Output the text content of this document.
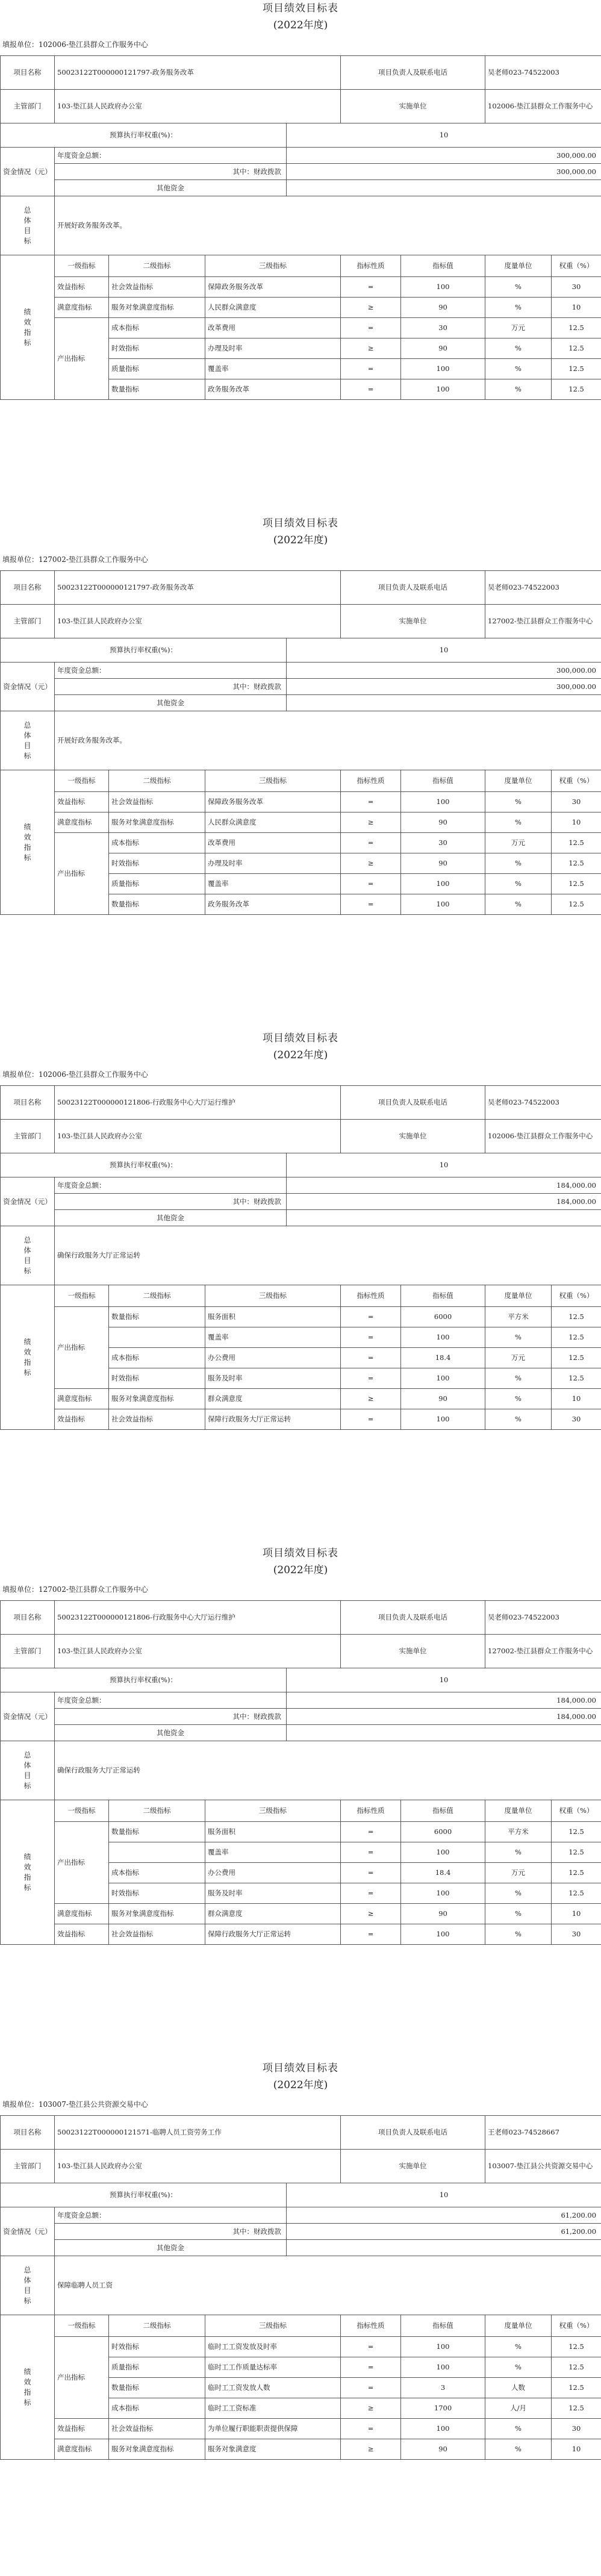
项目绩效目标表
(2022年度)
填报单位：102006-垫江县群众工作服务中心
项目名称	50023122T000000121797-政务服务改革				项目负责人及联系电话		吴老师023-74522003	
主管部门	103-垫江县人民政府办公室				实施单位		102006-垫江县群众工作服务中心	
预算执行率权重(%)：				10				
资金情况（元）	年度资金总额：			300,000.00				
	其中：财政拨款			300,000.00				
	其他资金							
总
体
目
标	开展好政务服务改革。							
绩
效
指
标	一级指标	二级指标	三级指标		指标性质	指标值	度量单位	权重（%）
	效益指标	社会效益指标	保障政务服务改革		=	100	%	30
	满意度指标	服务对象满意度指标	人民群众满意度		≥	90	%	10
	产出指标	成本指标	改革费用		=	30	万元	12.5
		时效指标	办理及时率		≥	90	%	12.5
		质量指标	覆盖率		=	100	%	12.5
		数量指标	政务服务改革		=	100	%	12.5
项目绩效目标表
(2022年度)
填报单位：127002-垫江县群众工作服务中心
项目名称	50023122T000000121797-政务服务改革				项目负责人及联系电话		吴老师023-74522003	
主管部门	103-垫江县人民政府办公室				实施单位		127002-垫江县群众工作服务中心	
预算执行率权重(%)：				10				
资金情况（元）	年度资金总额：			300,000.00				
	其中：财政拨款			300,000.00				
	其他资金							
总
体
目
标	开展好政务服务改革。							
绩
效
指
标	一级指标	二级指标	三级指标		指标性质	指标值	度量单位	权重（%）
	效益指标	社会效益指标	保障政务服务改革		=	100	%	30
	满意度指标	服务对象满意度指标	人民群众满意度		≥	90	%	10
	产出指标	成本指标	改革费用		=	30	万元	12.5
		时效指标	办理及时率		≥	90	%	12.5
		质量指标	覆盖率		=	100	%	12.5
		数量指标	政务服务改革		=	100	%	12.5
项目绩效目标表
(2022年度)
填报单位：102006-垫江县群众工作服务中心
项目名称	50023122T000000121806-行政服务中心大厅运行维护				项目负责人及联系电话		吴老师023-74522003	
主管部门	103-垫江县人民政府办公室				实施单位		102006-垫江县群众工作服务中心	
预算执行率权重(%)：				10				
资金情况（元）	年度资金总额：			184,000.00				
	其中：财政拨款			184,000.00				
	其他资金							
总
体
目
标	确保行政服务大厅正常运转							
绩
效
指
标	一级指标	二级指标	三级指标		指标性质	指标值	度量单位	权重（%）
	产出指标	数量指标	服务面积		=	6000	平方米	12.5
			覆盖率		=	100	%	12.5
		成本指标	办公费用		=	18.4	万元	12.5
		时效指标	服务及时率		=	100	%	12.5
	满意度指标	服务对象满意度指标	群众满意度		≥	90	%	10
	效益指标	社会效益指标	保障行政服务大厅正常运转		=	100	%	30
项目绩效目标表
(2022年度)
填报单位：127002-垫江县群众工作服务中心
项目名称	50023122T000000121806-行政服务中心大厅运行维护				项目负责人及联系电话		吴老师023-74522003	
主管部门	103-垫江县人民政府办公室				实施单位		127002-垫江县群众工作服务中心	
预算执行率权重(%)：				10				
资金情况（元）	年度资金总额：			184,000.00				
	其中：财政拨款			184,000.00				
	其他资金							
总
体
目
标	确保行政服务大厅正常运转							
绩
效
指
标	一级指标	二级指标	三级指标		指标性质	指标值	度量单位	权重（%）
	产出指标	数量指标	服务面积		=	6000	平方米	12.5
			覆盖率		=	100	%	12.5
		成本指标	办公费用		=	18.4	万元	12.5
		时效指标	服务及时率		=	100	%	12.5
	满意度指标	服务对象满意度指标	群众满意度		≥	90	%	10
	效益指标	社会效益指标	保障行政服务大厅正常运转		=	100	%	30
项目绩效目标表
(2022年度)
填报单位：103007-垫江县公共资源交易中心
项目名称	50023122T000000121571-临聘人员工资劳务工作				项目负责人及联系电话		王老师023-74528667	
主管部门	103-垫江县人民政府办公室				实施单位		103007-垫江县公共资源交易中心	
预算执行率权重(%)：				10				
资金情况（元）	年度资金总额：			61,200.00				
	其中：财政拨款			61,200.00				
	其他资金							
总
体
目
标	保障临聘人员工资							
绩
效
指
标	一级指标	二级指标	三级指标		指标性质	指标值	度量单位	权重（%）
	产出指标	时效指标	临时工工资发放及时率		=	100	%	12.5
		质量指标	临时工工作质量达标率		=	100	%	12.5
		数量指标	临时工工资发放人数		=	3	人数	12.5
		成本指标	临时工工资标准		≥	1700	人/月	12.5
	效益指标	社会效益指标	为单位履行职能职责提供保障		=	100	%	30
	满意度指标	服务对象满意度指标	服务对象满意度		≥	90	%	10
